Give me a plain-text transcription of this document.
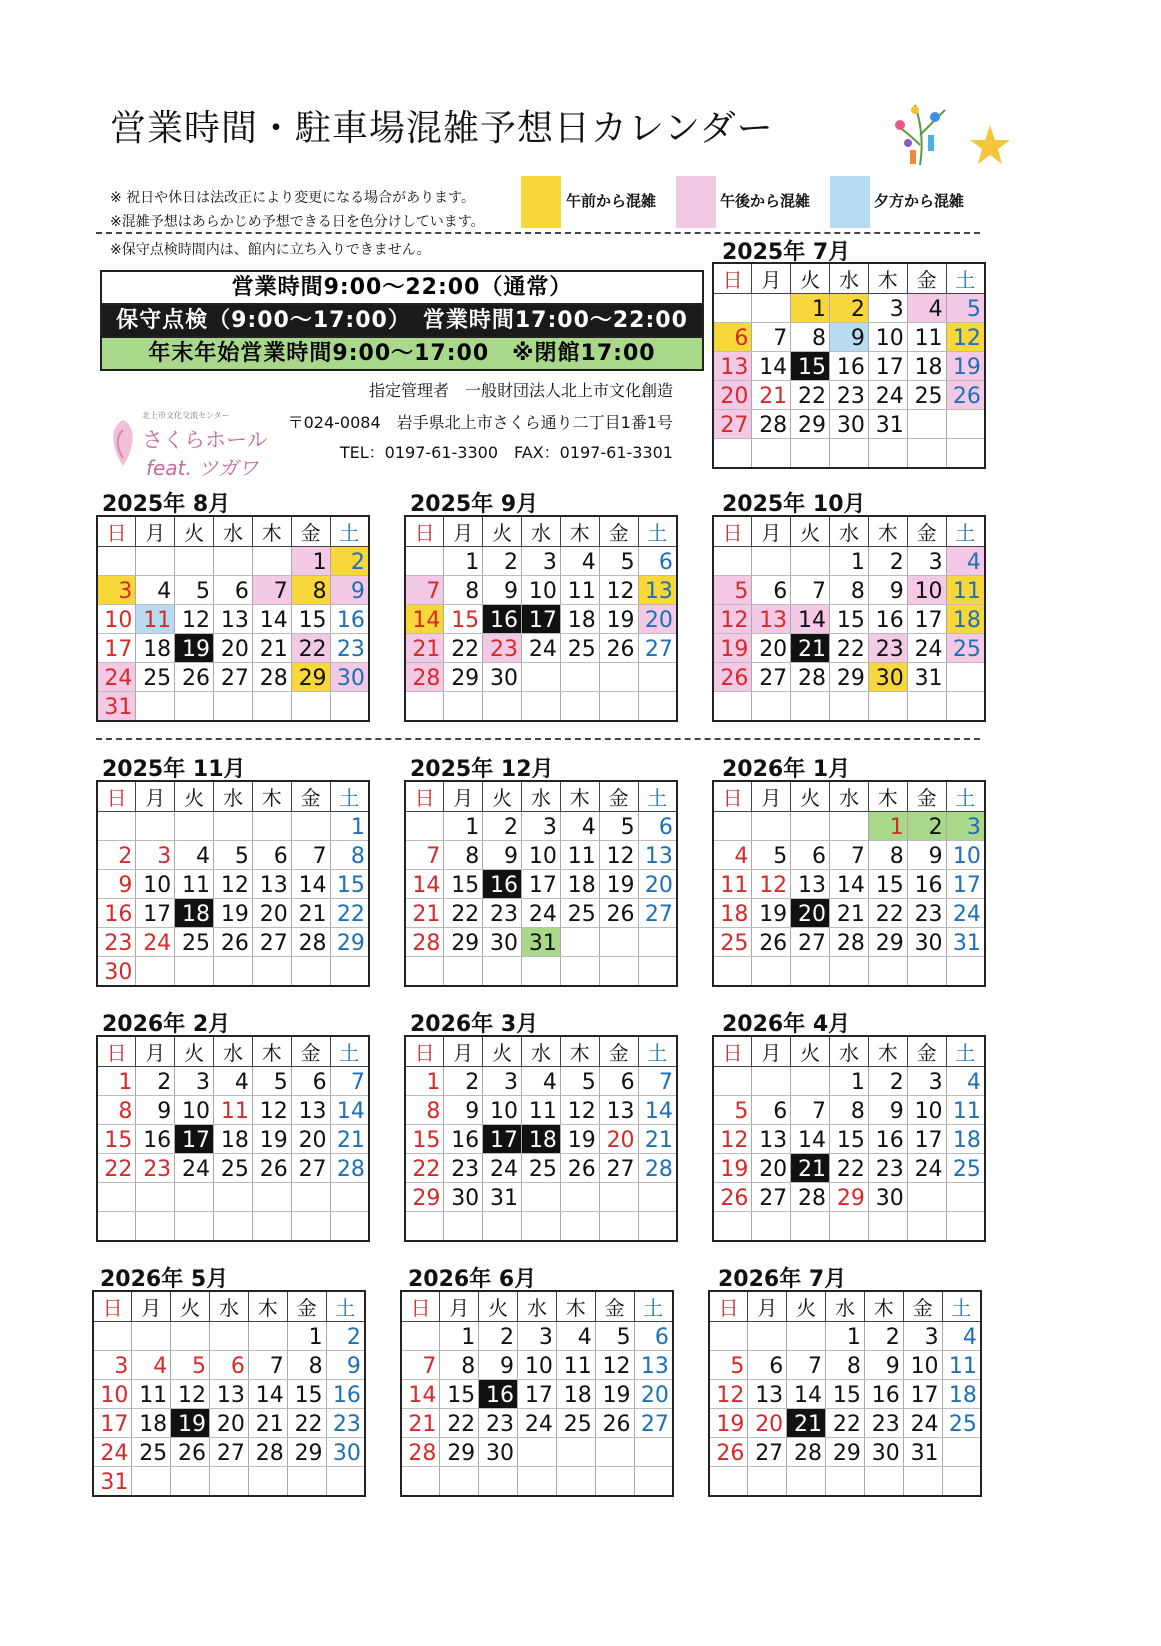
営業時間・駐車場混雑予想日カレンダー
※ 祝日や休日は法改正により変更になる場合があります。
※混雑予想はあらかじめ予想できる日を色分けしています。
※保守点検時間内は、館内に立ち入りできません。
午前から混雑	午後から混雑	夕方から混雑
営業時間9:00～22:00（通常）
保守点検（9:00～17:00）　営業時間17:00～22:00
年末年始営業時間9:00～17:00　※閉館17:00
北上市文化交流センター
さくらホール
feat. ツガワ
指定管理者　一般財団法人北上市文化創造
〒024-0084　岩手県北上市さくら通り二丁目1番1号
TEL：0197-61-3300　FAX：0197-61-3301
2025年 7月
日	月	火	水	木	金	土
		1	2	3	4	5
6	7	8	9	10	11	12
13	14	15	16	17	18	19
20	21	22	23	24	25	26
27	28	29	30	31		

2025年 8月
日	月	火	水	木	金	土
					1	2
3	4	5	6	7	8	9
10	11	12	13	14	15	16
17	18	19	20	21	22	23
24	25	26	27	28	29	30
31						
2025年 9月
日	月	火	水	木	金	土
	1	2	3	4	5	6
7	8	9	10	11	12	13
14	15	16	17	18	19	20
21	22	23	24	25	26	27
28	29	30				

2025年 10月
日	月	火	水	木	金	土
			1	2	3	4
5	6	7	8	9	10	11
12	13	14	15	16	17	18
19	20	21	22	23	24	25
26	27	28	29	30	31	

2025年 11月
日	月	火	水	木	金	土
						1
2	3	4	5	6	7	8
9	10	11	12	13	14	15
16	17	18	19	20	21	22
23	24	25	26	27	28	29
30						
2025年 12月
日	月	火	水	木	金	土
	1	2	3	4	5	6
7	8	9	10	11	12	13
14	15	16	17	18	19	20
21	22	23	24	25	26	27
28	29	30	31			

2026年 1月
日	月	火	水	木	金	土
				1	2	3
4	5	6	7	8	9	10
11	12	13	14	15	16	17
18	19	20	21	22	23	24
25	26	27	28	29	30	31

2026年 2月
日	月	火	水	木	金	土
1	2	3	4	5	6	7
8	9	10	11	12	13	14
15	16	17	18	19	20	21
22	23	24	25	26	27	28

2026年 3月
日	月	火	水	木	金	土
1	2	3	4	5	6	7
8	9	10	11	12	13	14
15	16	17	18	19	20	21
22	23	24	25	26	27	28
29	30	31				

2026年 4月
日	月	火	水	木	金	土
			1	2	3	4
5	6	7	8	9	10	11
12	13	14	15	16	17	18
19	20	21	22	23	24	25
26	27	28	29	30		

2026年 5月
日	月	火	水	木	金	土
					1	2
3	4	5	6	7	8	9
10	11	12	13	14	15	16
17	18	19	20	21	22	23
24	25	26	27	28	29	30
31						
2026年 6月
日	月	火	水	木	金	土
	1	2	3	4	5	6
7	8	9	10	11	12	13
14	15	16	17	18	19	20
21	22	23	24	25	26	27
28	29	30				

2026年 7月
日	月	火	水	木	金	土
			1	2	3	4
5	6	7	8	9	10	11
12	13	14	15	16	17	18
19	20	21	22	23	24	25
26	27	28	29	30	31	
